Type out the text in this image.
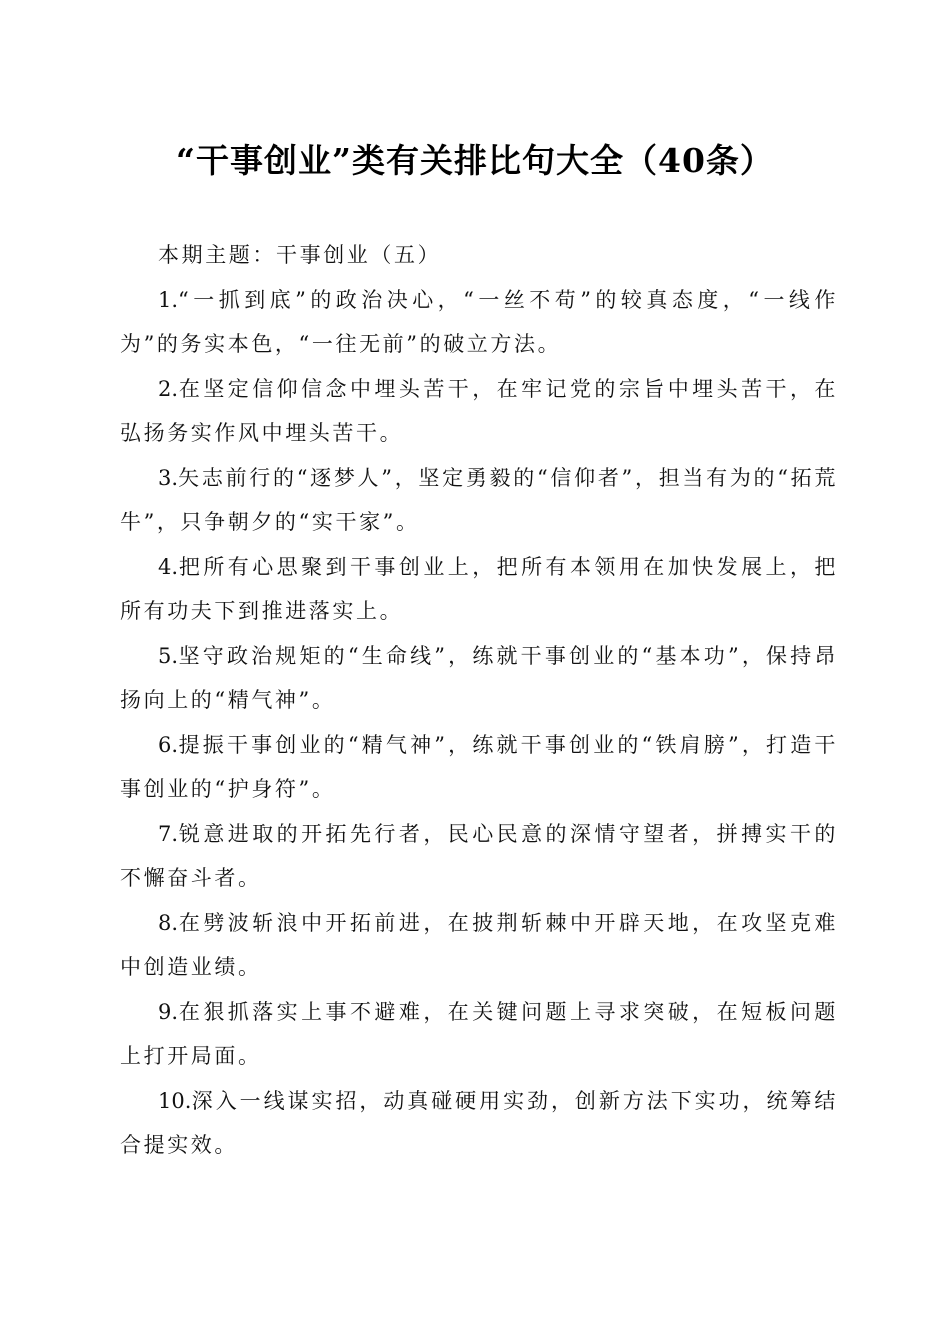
“干事创业”类有关排比句大全（40条）

本期主题：干事创业（五）

1.“一抓到底”的政治决心，“一丝不苟”的较真态度，“一线作为”的务实本色，“一往无前”的破立方法。

2.在坚定信仰信念中埋头苦干，在牢记党的宗旨中埋头苦干，在弘扬务实作风中埋头苦干。

3.矢志前行的“逐梦人”，坚定勇毅的“信仰者”，担当有为的“拓荒牛”，只争朝夕的“实干家”。

4.把所有心思聚到干事创业上，把所有本领用在加快发展上，把所有功夫下到推进落实上。

5.坚守政治规矩的“生命线”，练就干事创业的“基本功”，保持昂扬向上的“精气神”。

6.提振干事创业的“精气神”，练就干事创业的“铁肩膀”，打造干事创业的“护身符”。

7.锐意进取的开拓先行者，民心民意的深情守望者，拼搏实干的不懈奋斗者。

8.在劈波斩浪中开拓前进，在披荆斩棘中开辟天地，在攻坚克难中创造业绩。

9.在狠抓落实上事不避难，在关键问题上寻求突破，在短板问题上打开局面。

10.深入一线谋实招，动真碰硬用实劲，创新方法下实功，统筹结合提实效。
